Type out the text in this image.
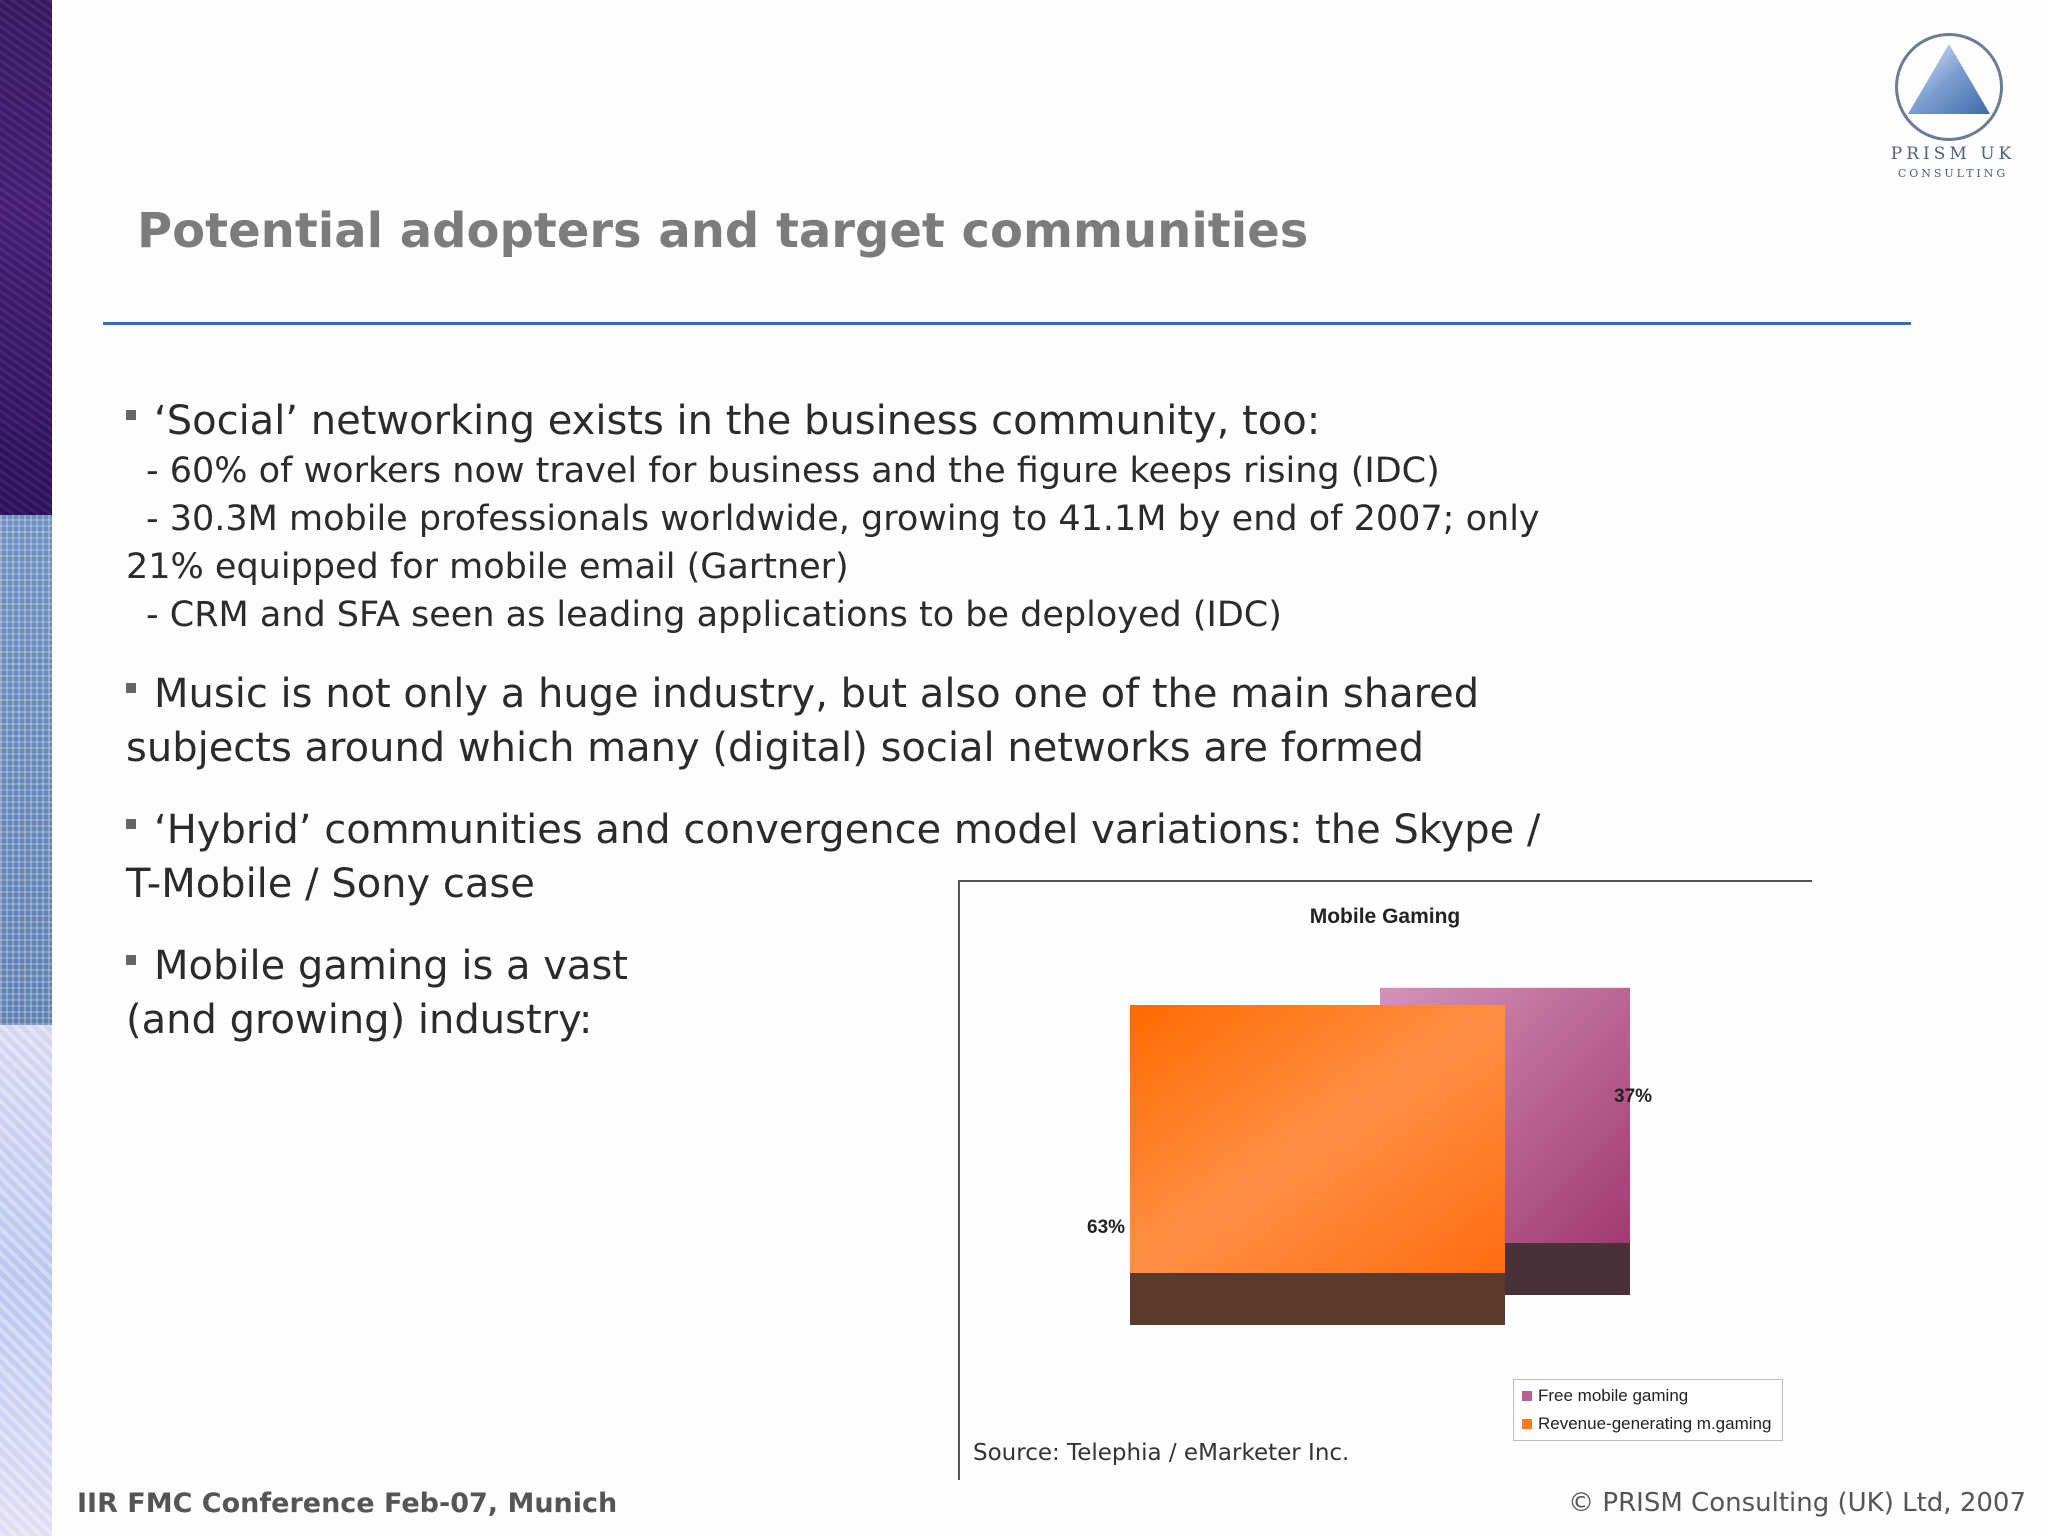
PRISM UK
CONSULTING
Potential adopters and target communities
‘Social’ networking exists in the business community, too:
- 60% of workers now travel for business and the figure keeps rising (IDC)
- 30.3M mobile professionals worldwide, growing to 41.1M by end of 2007; only
21% equipped for mobile email (Gartner)
- CRM and SFA seen as leading applications to be deployed (IDC)
Music is not only a huge industry, but also one of the main shared
subjects around which many (digital) social networks are formed
‘Hybrid’ communities and convergence model variations: the Skype /
T-Mobile / Sony case
Mobile gaming is a vast
(and growing) industry:
Mobile Gaming
37%
63%
Free mobile gaming
Revenue-generating m.gaming
Source: Telephia / eMarketer Inc.
IIR FMC Conference Feb-07, Munich	© PRISM Consulting (UK) Ltd, 2007
